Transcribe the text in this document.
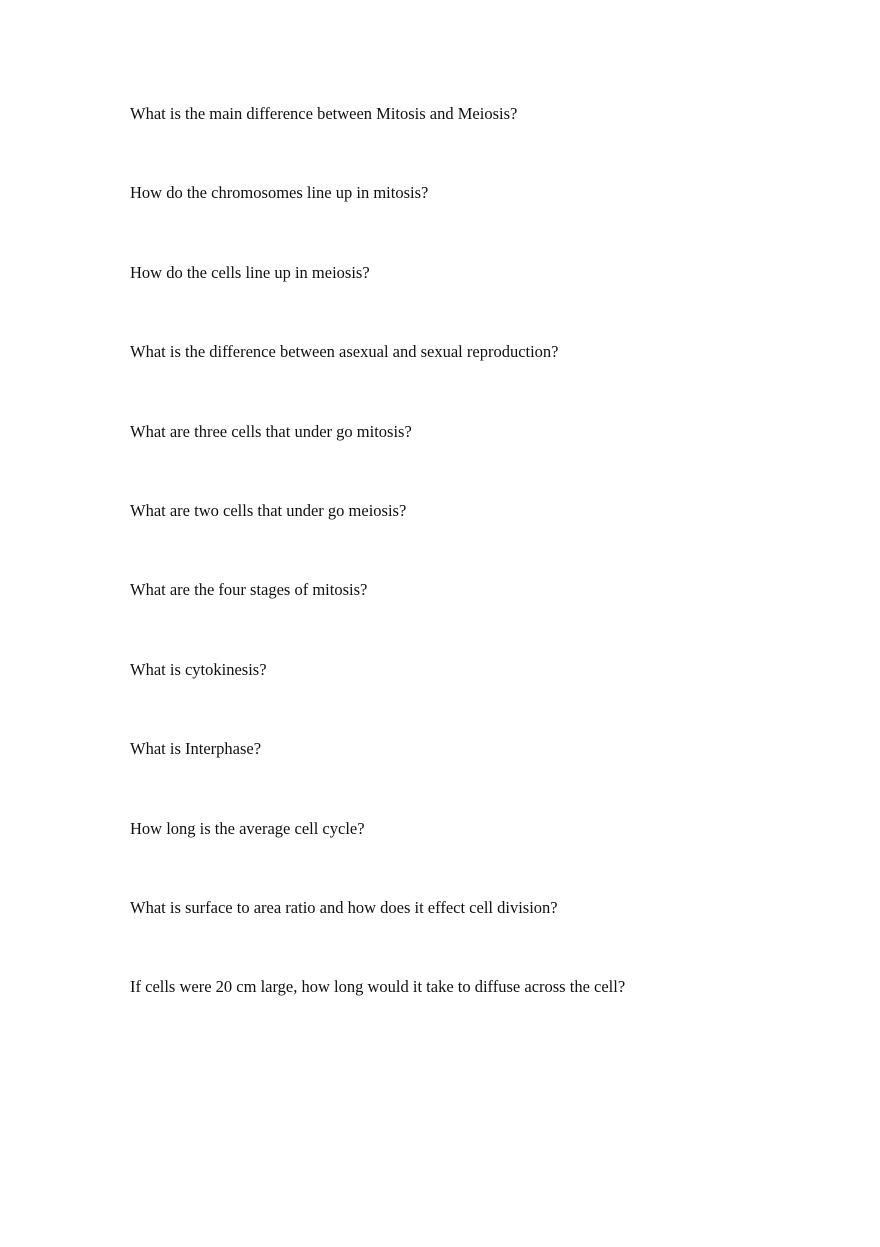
What is the main difference between Mitosis and Meiosis?
How do the chromosomes line up in mitosis?
How do the cells line up in meiosis?
What is the difference between asexual and sexual reproduction?
What are three cells that under go mitosis?
What are two cells that under go meiosis?
What are the four stages of mitosis?
What is cytokinesis?
What is Interphase?
How long is the average cell cycle?
What is surface to area ratio and how does it effect cell division?
If cells were 20 cm large, how long would it take to diffuse across the cell?
